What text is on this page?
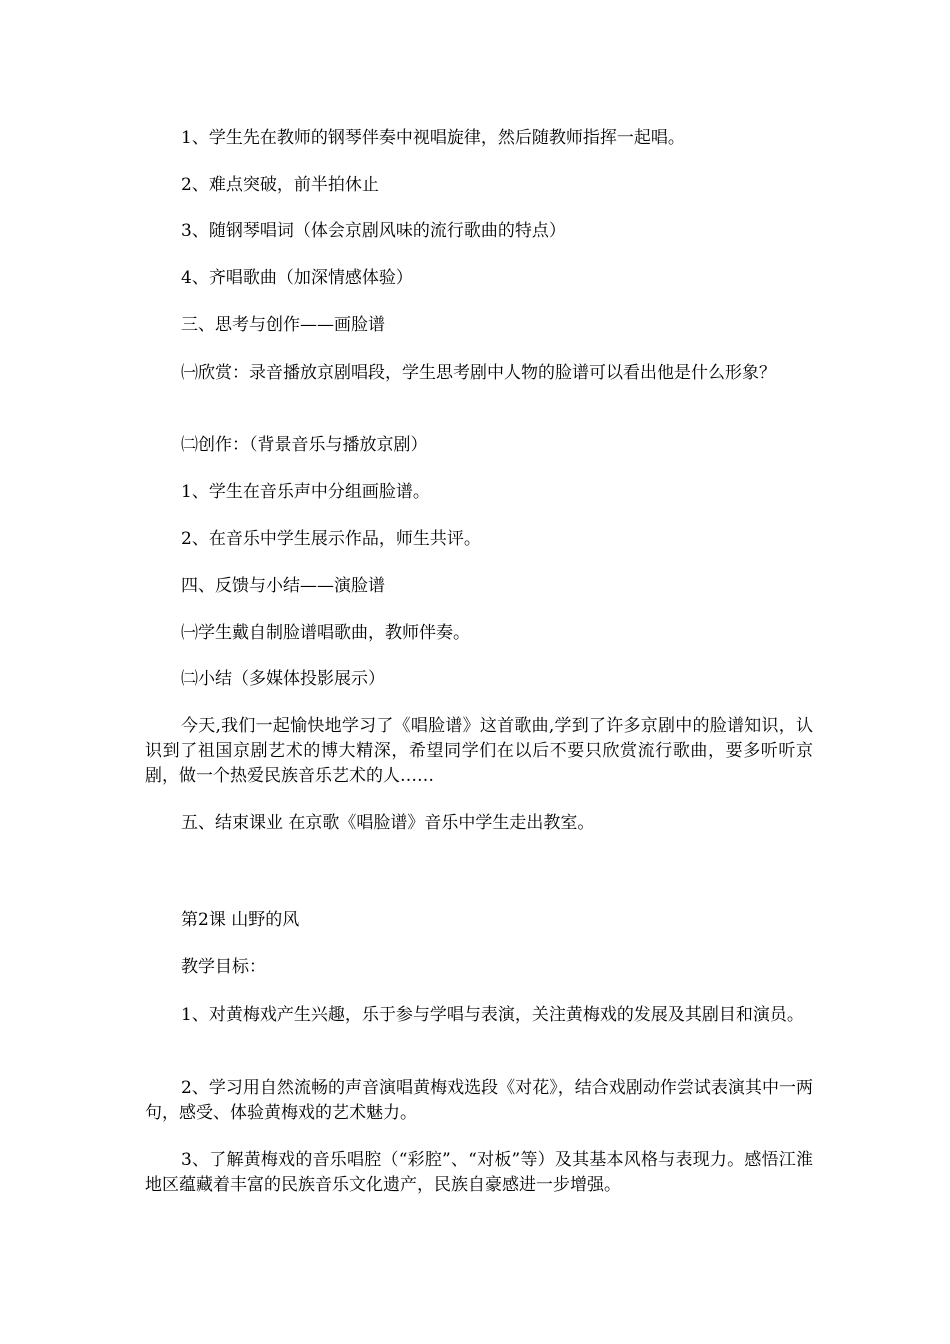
1、学生先在教师的钢琴伴奏中视唱旋律，然后随教师指挥一起唱。

2、难点突破，前半拍休止

3、随钢琴唱词（体会京剧风味的流行歌曲的特点）

4、齐唱歌曲（加深情感体验）

三、思考与创作——画脸谱

㈠欣赏：录音播放京剧唱段，学生思考剧中人物的脸谱可以看出他是什么形象？

㈡创作：（背景音乐与播放京剧）

1、学生在音乐声中分组画脸谱。

2、在音乐中学生展示作品，师生共评。

四、反馈与小结——演脸谱

㈠学生戴自制脸谱唱歌曲，教师伴奏。

㈡小结（多媒体投影展示）

今天,我们一起愉快地学习了《唱脸谱》这首歌曲,学到了许多京剧中的脸谱知识，认识到了祖国京剧艺术的博大精深，希望同学们在以后不要只欣赏流行歌曲，要多听听京剧，做一个热爱民族音乐艺术的人……

五、结束课业 在京歌《唱脸谱》音乐中学生走出教室。

第2课 山野的风

教学目标：

1、对黄梅戏产生兴趣，乐于参与学唱与表演，关注黄梅戏的发展及其剧目和演员。

2、学习用自然流畅的声音演唱黄梅戏选段《对花》，结合戏剧动作尝试表演其中一两句，感受、体验黄梅戏的艺术魅力。

3、了解黄梅戏的音乐唱腔（“彩腔”、“对板”等）及其基本风格与表现力。感悟江淮地区蕴藏着丰富的民族音乐文化遗产，民族自豪感进一步增强。
